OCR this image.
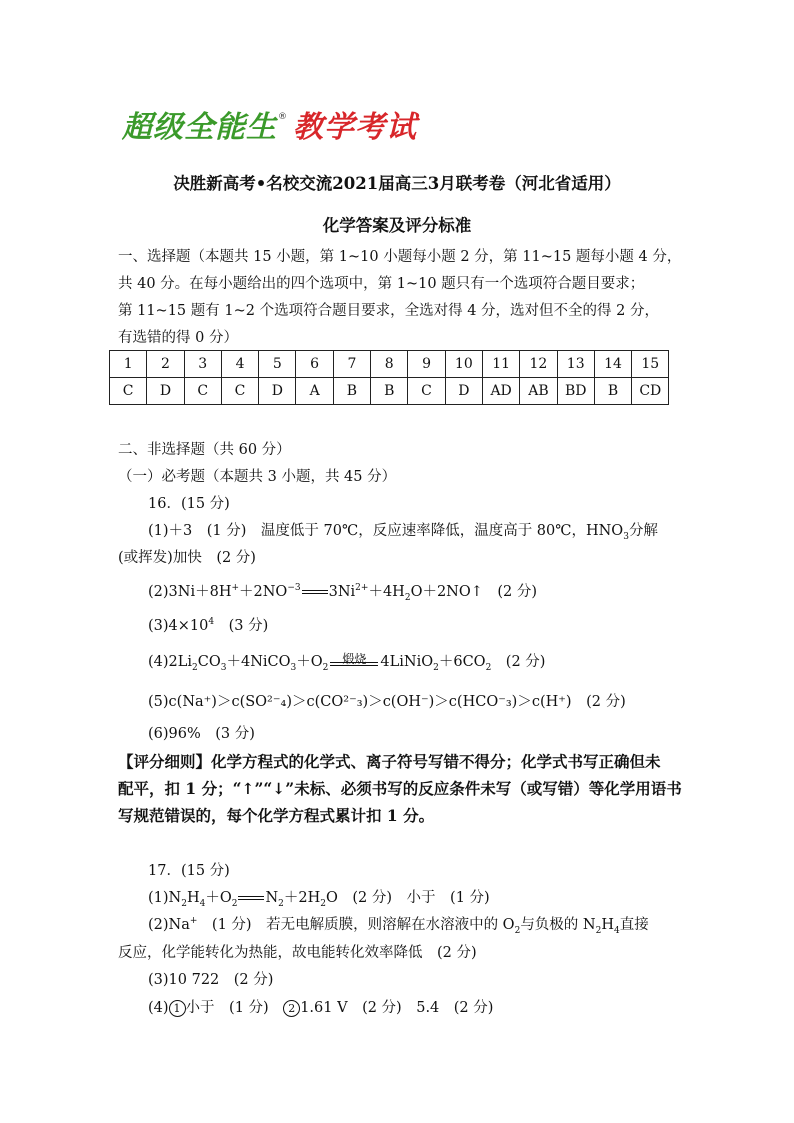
超级全能生 ® 教学考试
决胜新高考•名校交流2021届高三3月联考卷（河北省适用）
化学答案及评分标准
一、选择题（本题共 15 小题，第 1~10 小题每小题 2 分，第 11~15 题每小题 4 分，
共 40 分。在每小题给出的四个选项中，第 1~10 题只有一个选项符合题目要求；
第 11~15 题有 1~2 个选项符合题目要求，全选对得 4 分，选对但不全的得 2 分，
有选错的得 0 分）
1	2	3	4	5	6	7	8	9	10	11	12	13	14	15
C	D	C	C	D	A	B	B	C	D	AD	AB	BD	B	CD
二、非选择题（共 60 分）
（一）必考题（本题共 3 小题，共 45 分）
16．(15 分)
(1)＋3　(1 分)　温度低于 70℃，反应速率降低，温度高于 80℃，$HNO_3$分解
(或挥发)加快　(2 分)
$(2)3Ni+8H^++2NO^{-3}$ $3Ni^{2+}+4H_2O+2NO↑$　(2 分)
$(3)4\times 10^4$　(3 分)
$(4)2Li_2CO_3+4NiCO_3+O_2$
煅烧 $4LiNiO_2+6CO_2$　(2 分)
(5)c(Na⁺)＞c(SO²⁻₄)＞c(CO²⁻₃)＞c(OH⁻)＞c(HCO⁻₃)＞c(H⁺)　(2 分)
(6)96%　(3 分)
【评分细则】化学方程式的化学式、离子符号写错不得分；化学式书写正确但未
配平，扣 1 分；“↑”“↓”未标、必须书写的反应条件未写（或写错）等化学用语书
写规范错误的，每个化学方程式累计扣 1 分。
17．(15 分)
$(1)N_2H_4+O_2$ $N_2+2H_2O$　(2 分)　小于　(1 分)
(2)Na+　(1 分)　若无电解质膜，则溶解在水溶液中的 $O_2$与负极的 $N_2H_4$直接
反应，化学能转化为热能，故电能转化效率降低　(2 分)
(3)10 722　(2 分)
(4) 1 小于　(1 分)　2 1.61 V　(2 分)　5.4　(2 分)
